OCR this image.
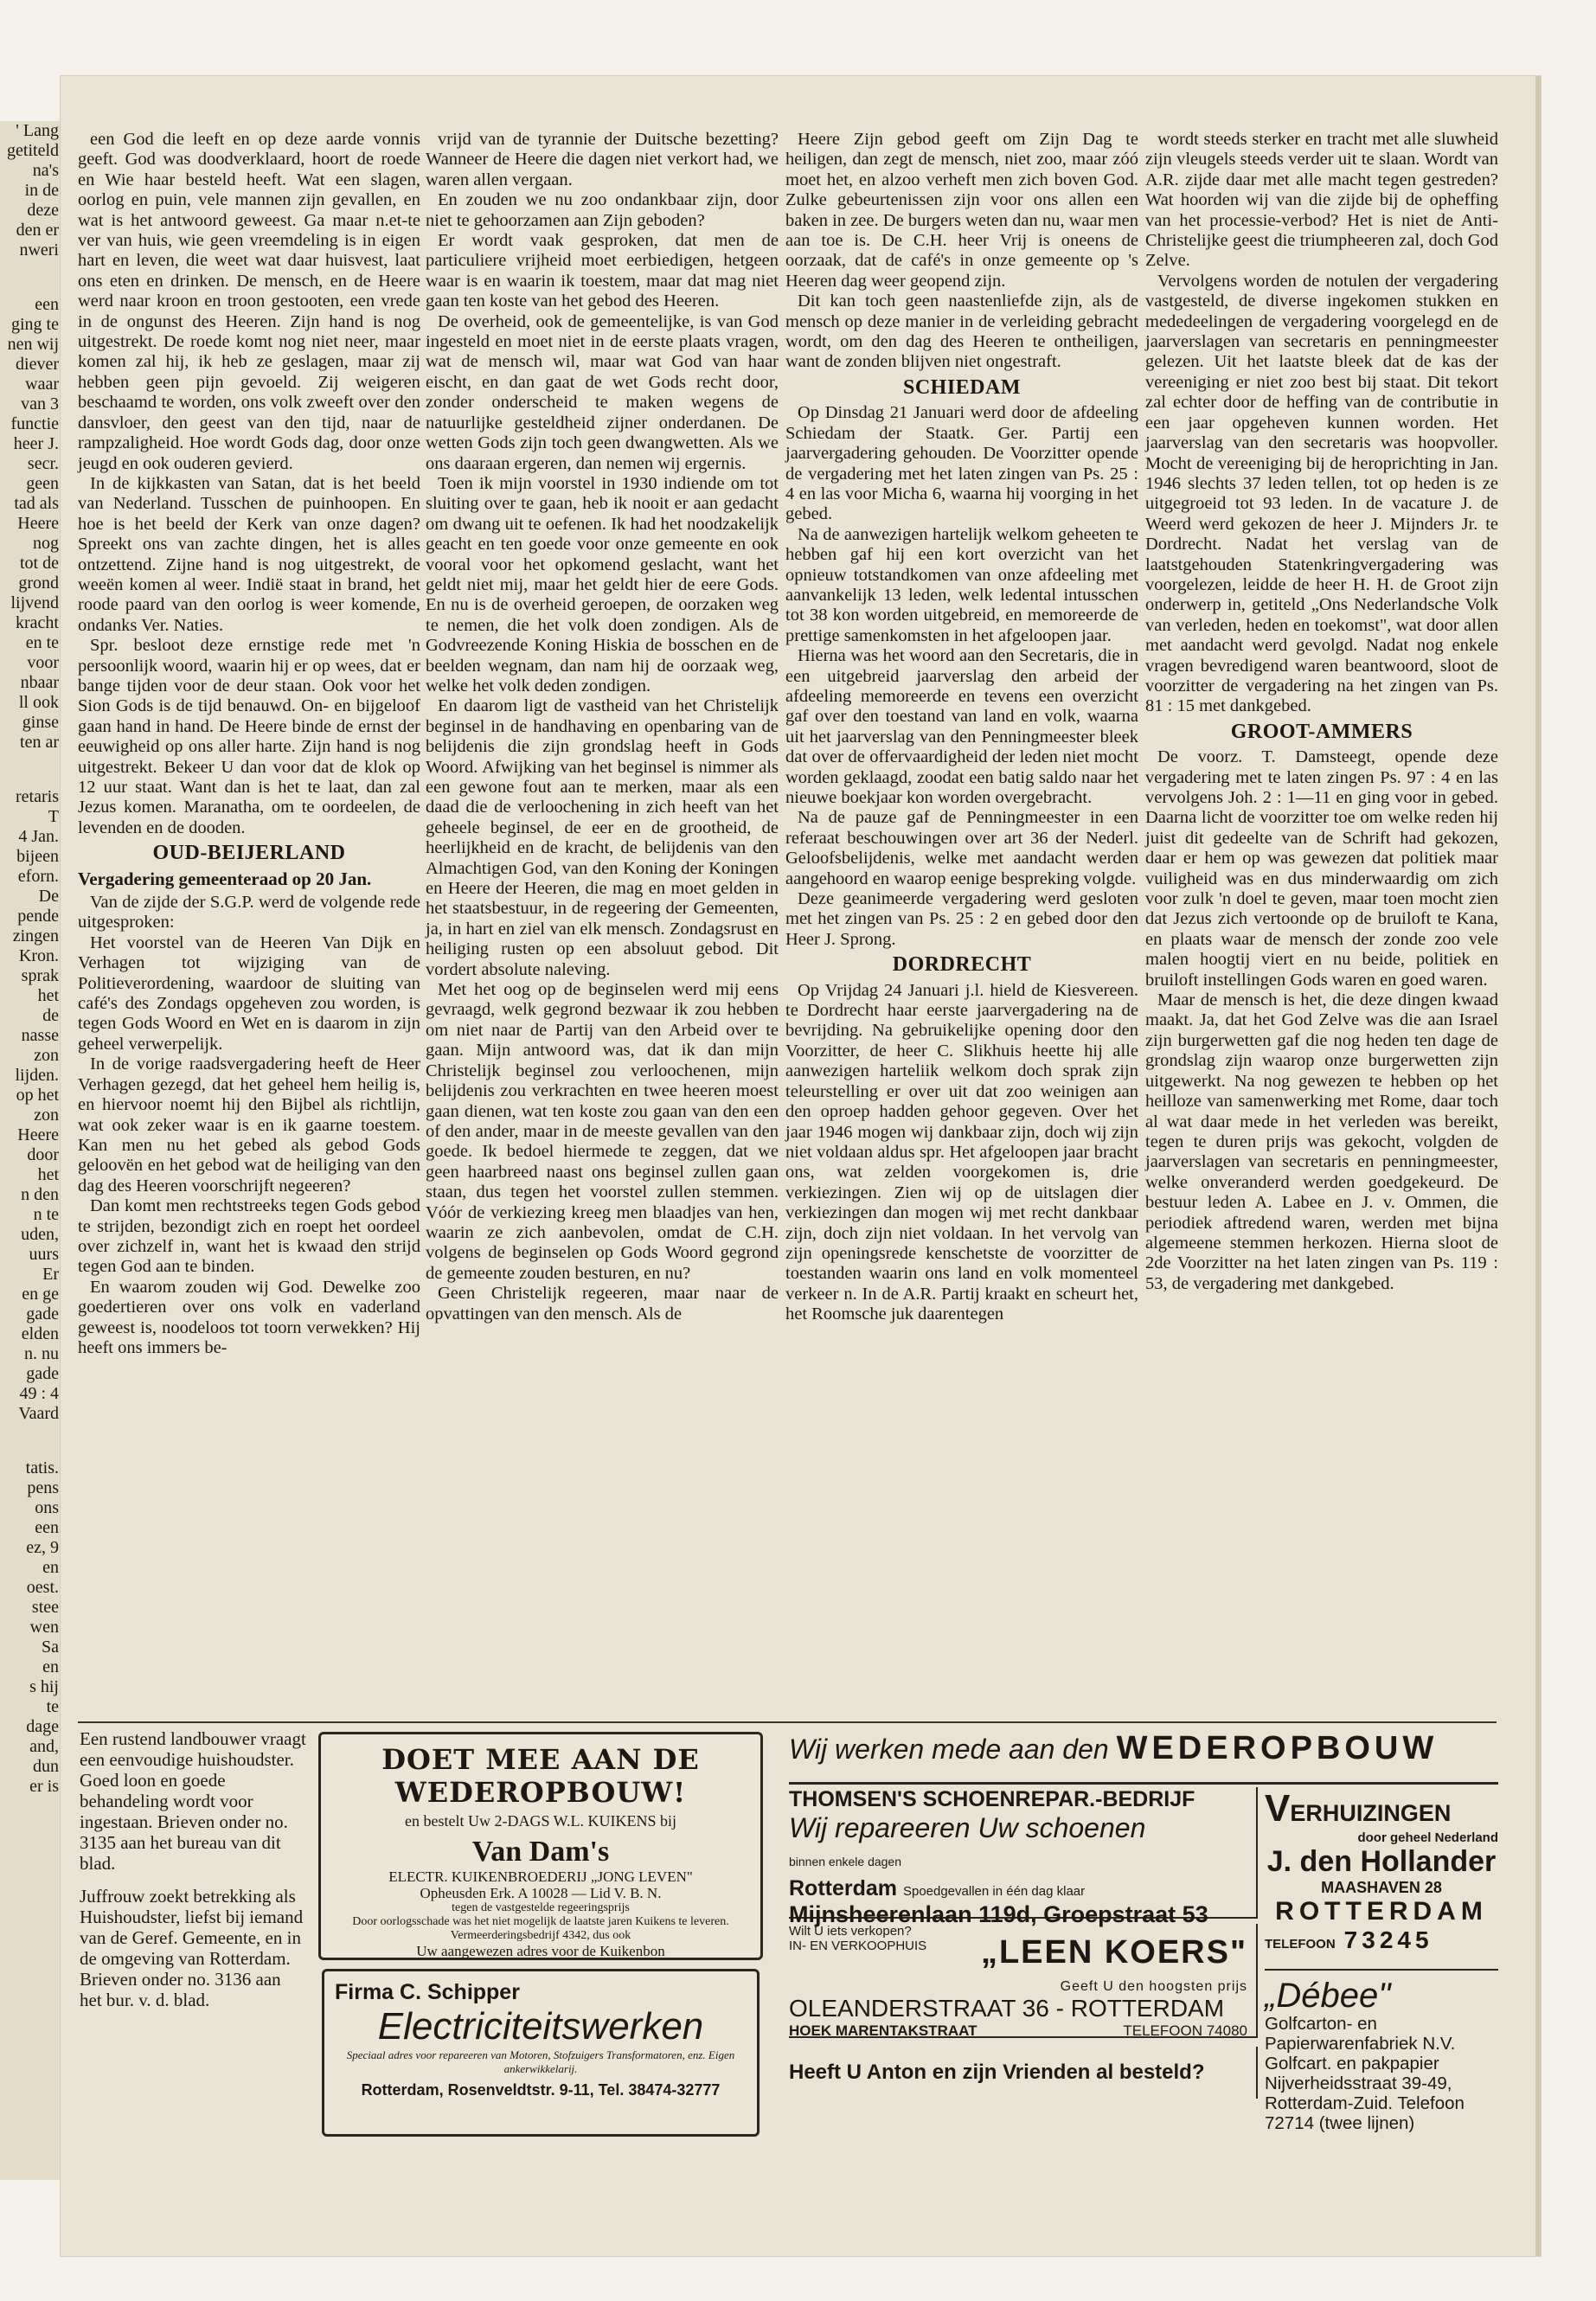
' Lang

getiteld

na's

in de

deze

den er

nweri

een

ging te

nen wij

diever

waar

van 3

functie

heer J.

secr.

geen

tad als

Heere

nog

tot de

grond

lijvend

kracht

en te

voor

nbaar

ll ook

ginse

ten ar

retaris

T

4 Jan.

bijeen

eforn.

De

pende

zingen

Kron.

sprak

het

de

nasse

zon

lijden.

op het

zon

Heere

door

het

n den

n te

uden,

uurs

Er

en ge

gade

elden

n. nu

gade

49 : 4

Vaard

tatis.

pens

ons

een

ez, 9

en

oest.

stee

wen

Sa

en

s hij

te

dage

and,

dun

er is

een God die leeft en op deze aarde vonnis geeft. God was doodverklaard, hoort de roede en Wie haar besteld heeft. Wat een slagen, oorlog en puin, vele mannen zijn gevallen, en wat is het antwoord geweest. Ga maar n.et-te ver van huis, wie geen vreemdeling is in eigen hart en leven, die weet wat daar huisvest, laat ons eten en drinken. De mensch, en de Heere werd naar kroon en troon gestooten, een vrede in de ongunst des Heeren. Zijn hand is nog uitgestrekt. De roede komt nog niet neer, maar komen zal hij, ik heb ze geslagen, maar zij hebben geen pijn gevoeld. Zij weigeren beschaamd te worden, ons volk zweeft over den dansvloer, den geest van den tijd, naar de rampzaligheid. Hoe wordt Gods dag, door onze jeugd en ook ouderen gevierd.

In de kijkkasten van Satan, dat is het beeld van Nederland. Tusschen de puinhoopen. En hoe is het beeld der Kerk van onze dagen? Spreekt ons van zachte dingen, het is alles ontzettend. Zijne hand is nog uitgestrekt, de weeën komen al weer. Indië staat in brand, het roode paard van den oorlog is weer komende, ondanks Ver. Naties.

Spr. besloot deze ernstige rede met 'n persoonlijk woord, waarin hij er op wees, dat er bange tijden voor de deur staan. Ook voor het Sion Gods is de tijd benauwd. On- en bijgeloof gaan hand in hand. De Heere binde de ernst der eeuwigheid op ons aller harte. Zijn hand is nog uitgestrekt. Bekeer U dan voor dat de klok op 12 uur staat. Want dan is het te laat, dan zal Jezus komen. Maranatha, om te oordeelen, de levenden en de dooden.

OUD-BEIJERLAND
Vergadering gemeenteraad op 20 Jan.

Van de zijde der S.G.P. werd de volgende rede uitgesproken:

Het voorstel van de Heeren Van Dijk en Verhagen tot wijziging van de Politieverordening, waardoor de sluiting van café's des Zondags opgeheven zou worden, is tegen Gods Woord en Wet en is daarom in zijn geheel verwerpelijk.

In de vorige raadsvergadering heeft de Heer Verhagen gezegd, dat het geheel hem heilig is, en hiervoor noemt hij den Bijbel als richtlijn, wat ook zeker waar is en ik gaarne toestem. Kan men nu het gebed als gebod Gods geloovën en het gebod wat de heiliging van den dag des Heeren voorschrijft negeeren?

Dan komt men rechtstreeks tegen Gods gebod te strijden, bezondigt zich en roept het oordeel over zichzelf in, want het is kwaad den strijd tegen God aan te binden.

En waarom zouden wij God. Dewelke zoo goedertieren over ons volk en vaderland geweest is, noodeloos tot toorn verwekken? Hij heeft ons immers be-

vrijd van de tyrannie der Duitsche bezetting? Wanneer de Heere die dagen niet verkort had, we waren allen vergaan.

En zouden we nu zoo ondankbaar zijn, door niet te gehoorzamen aan Zijn geboden?

Er wordt vaak gesproken, dat men de particuliere vrijheid moet eerbiedigen, hetgeen waar is en waarin ik toestem, maar dat mag niet gaan ten koste van het gebod des Heeren.

De overheid, ook de gemeentelijke, is van God ingesteld en moet niet in de eerste plaats vragen, wat de mensch wil, maar wat God van haar eischt, en dan gaat de wet Gods recht door, zonder onderscheid te maken wegens de natuurlijke gesteldheid zijner onderdanen. De wetten Gods zijn toch geen dwangwetten. Als we ons daaraan ergeren, dan nemen wij ergernis.

Toen ik mijn voorstel in 1930 indiende om tot sluiting over te gaan, heb ik nooit er aan gedacht om dwang uit te oefenen. Ik had het noodzakelijk geacht en ten goede voor onze gemeente en ook vooral voor het opkomend geslacht, want het geldt niet mij, maar het geldt hier de eere Gods. En nu is de overheid geroepen, de oorzaken weg te nemen, die het volk doen zondigen. Als de Godvreezende Koning Hiskia de bosschen en de beelden wegnam, dan nam hij de oorzaak weg, welke het volk deden zondigen.

En daarom ligt de vastheid van het Christelijk beginsel in de handhaving en openbaring van de belijdenis die zijn grondslag heeft in Gods Woord. Afwijking van het beginsel is nimmer als een gewone fout aan te merken, maar als een daad die de verloochening in zich heeft van het geheele beginsel, de eer en de grootheid, de heerlijkheid en de kracht, de belijdenis van den Almachtigen God, van den Koning der Koningen en Heere der Heeren, die mag en moet gelden in het staatsbestuur, in de regeering der Gemeenten, ja, in hart en ziel van elk mensch. Zondagsrust en heiliging rusten op een absoluut gebod. Dit vordert absolute naleving.

Met het oog op de beginselen werd mij eens gevraagd, welk gegrond bezwaar ik zou hebben om niet naar de Partij van den Arbeid over te gaan. Mijn antwoord was, dat ik dan mijn Christelijk beginsel zou verloochenen, mijn belijdenis zou verkrachten en twee heeren moest gaan dienen, wat ten koste zou gaan van den een of den ander, maar in de meeste gevallen van den goede. Ik bedoel hiermede te zeggen, dat we geen haarbreed naast ons beginsel zullen gaan staan, dus tegen het voorstel zullen stemmen. Vóór de verkiezing kreeg men blaadjes van hen, waarin ze zich aanbevolen, omdat de C.H. volgens de beginselen op Gods Woord gegrond de gemeente zouden besturen, en nu?

Geen Christelijk regeeren, maar naar de opvattingen van den mensch. Als de

Heere Zijn gebod geeft om Zijn Dag te heiligen, dan zegt de mensch, niet zoo, maar zóó moet het, en alzoo verheft men zich boven God. Zulke gebeurtenissen zijn voor ons allen een baken in zee. De burgers weten dan nu, waar men aan toe is. De C.H. heer Vrij is oneens de oorzaak, dat de café's in onze gemeente op 's Heeren dag weer geopend zijn.

Dit kan toch geen naastenliefde zijn, als de mensch op deze manier in de verleiding gebracht wordt, om den dag des Heeren te ontheiligen, want de zonden blijven niet ongestraft.

SCHIEDAM

Op Dinsdag 21 Januari werd door de afdeeling Schiedam der Staatk. Ger. Partij een jaarvergadering gehouden. De Voorzitter opende de vergadering met het laten zingen van Ps. 25 : 4 en las voor Micha 6, waarna hij voorging in het gebed.

Na de aanwezigen hartelijk welkom geheeten te hebben gaf hij een kort overzicht van het opnieuw totstandkomen van onze afdeeling met aanvankelijk 13 leden, welk ledental intusschen tot 38 kon worden uitgebreid, en memoreerde de prettige samenkomsten in het afgeloopen jaar.

Hierna was het woord aan den Secretaris, die in een uitgebreid jaarverslag den arbeid der afdeeling memoreerde en tevens een overzicht gaf over den toestand van land en volk, waarna uit het jaarverslag van den Penningmeester bleek dat over de offervaardigheid der leden niet mocht worden geklaagd, zoodat een batig saldo naar het nieuwe boekjaar kon worden overgebracht.

Na de pauze gaf de Penningmeester in een referaat beschouwingen over art 36 der Nederl. Geloofsbelijdenis, welke met aandacht werden aangehoord en waarop eenige bespreking volgde.

Deze geanimeerde vergadering werd gesloten met het zingen van Ps. 25 : 2 en gebed door den Heer J. Sprong.

DORDRECHT

Op Vrijdag 24 Januari j.l. hield de Kiesvereen. te Dordrecht haar eerste jaarvergadering na de bevrijding. Na gebruikelijke opening door den Voorzitter, de heer C. Slikhuis heette hij alle aanwezigen harteliik welkom doch sprak zijn teleurstelling er over uit dat zoo weinigen aan den oproep hadden gehoor gegeven. Over het jaar 1946 mogen wij dankbaar zijn, doch wij zijn niet voldaan aldus spr. Het afgeloopen jaar bracht ons, wat zelden voorgekomen is, drie verkiezingen. Zien wij op de uitslagen dier verkiezingen dan mogen wij met recht dankbaar zijn, doch zijn niet voldaan. In het vervolg van zijn openingsrede kenschetste de voorzitter de toestanden waarin ons land en volk momenteel verkeer n. In de A.R. Partij kraakt en scheurt het, het Roomsche juk daarentegen

wordt steeds sterker en tracht met alle sluwheid zijn vleugels steeds verder uit te slaan. Wordt van A.R. zijde daar met alle macht tegen gestreden? Wat hoorden wij van die zijde bij de opheffing van het processie-verbod? Het is niet de Anti-Christelijke geest die triumpheeren zal, doch God Zelve.

Vervolgens worden de notulen der vergadering vastgesteld, de diverse ingekomen stukken en mededeelingen de vergadering voorgelegd en de jaarverslagen van secretaris en penningmeester gelezen. Uit het laatste bleek dat de kas der vereeniging er niet zoo best bij staat. Dit tekort zal echter door de heffing van de contributie in een jaar opgeheven kunnen worden. Het jaarverslag van den secretaris was hoopvoller. Mocht de vereeniging bij de heroprichting in Jan. 1946 slechts 37 leden tellen, tot op heden is ze uitgegroeid tot 93 leden. In de vacature J. de Weerd werd gekozen de heer J. Mijnders Jr. te Dordrecht. Nadat het verslag van de laatstgehouden Statenkringvergadering was voorgelezen, leidde de heer H. H. de Groot zijn onderwerp in, getiteld „Ons Nederlandsche Volk van verleden, heden en toekomst", wat door allen met aandacht werd gevolgd. Nadat nog enkele vragen bevredigend waren beantwoord, sloot de voorzitter de vergadering na het zingen van Ps. 81 : 15 met dankgebed.

GROOT-AMMERS

De voorz. T. Damsteegt, opende deze vergadering met te laten zingen Ps. 97 : 4 en las vervolgens Joh. 2 : 1—11 en ging voor in gebed. Daarna licht de voorzitter toe om welke reden hij juist dit gedeelte van de Schrift had gekozen, daar er hem op was gewezen dat politiek maar vuiligheid was en dus minderwaardig om zich voor zulk 'n doel te geven, maar toen mocht zien dat Jezus zich vertoonde op de bruiloft te Kana, en plaats waar de mensch der zonde zoo vele malen hoogtij viert en nu beide, politiek en bruiloft instellingen Gods waren en goed waren.

Maar de mensch is het, die deze dingen kwaad maakt. Ja, dat het God Zelve was die aan Israel zijn burgerwetten gaf die nog heden ten dage de grondslag zijn waarop onze burgerwetten zijn uitgewerkt. Na nog gewezen te hebben op het heilloze van samenwerking met Rome, daar toch al wat daar mede in het verleden was bereikt, tegen te duren prijs was gekocht, volgden de jaarverslagen van secretaris en penningmeester, welke onveranderd werden goedgekeurd. De bestuur leden A. Labee en J. v. Ommen, die periodiek aftredend waren, werden met bijna algemeene stemmen herkozen. Hierna sloot de 2de Voorzitter na het laten zingen van Ps. 119 : 53, de vergadering met dankgebed.

Een rustend landbouwer vraagt een eenvoudige huishoudster. Goed loon en goede behandeling wordt voor ingestaan. Brieven onder no. 3135 aan het bureau van dit blad.

Juffrouw zoekt betrekking als Huishoudster, liefst bij iemand van de Geref. Gemeente, en in de omgeving van Rotterdam. Brieven onder no. 3136 aan het bur. v. d. blad.

DOET MEE AAN DE WEDEROPBOUW!
en bestelt Uw 2-DAGS W.L. KUIKENS bij
Van Dam's
ELECTR. KUIKENBROEDERIJ „JONG LEVEN"
Opheusden Erk. A 10028 — Lid V. B. N.
tegen de vastgestelde regeeringsprijs
Door oorlogsschade was het niet mogelijk de laatste jaren Kuikens te leveren. Vermeerderingsbedrijf 4342, dus ook
Uw aangewezen adres voor de Kuikenbon
Firma C. Schipper
Electriciteitswerken
Speciaal adres voor repareeren van Motoren, Stofzuigers Transformatoren, enz. Eigen ankerwikkelarij.
Rotterdam, Rosenveldtstr. 9-11, Tel. 38474-32777
Wij werken mede aan den WEDEROPBOUW
THOMSEN'S SCHOENREPAR.-BEDRIJF
Wij repareeren Uw schoenen binnen enkele dagen
Rotterdam Spoedgevallen in één dag klaar
Mijnsheerenlaan 119d, Groepstraat 53
Wilt U iets verkopen?
IN- EN VERKOOPHUIS	„LEEN KOERS"
Geeft U den hoogsten prijs
OLEANDERSTRAAT 36 - ROTTERDAM
TELEFOON 74080
HOEK MARENTAKSTRAAT
Heeft U Anton en zijn Vrienden al besteld?
VERHUIZINGEN
door geheel Nederland
J. den Hollander
MAASHAVEN 28
ROTTERDAM
TELEFOON 73245
„Débee"

Golfcarton- en Papierwarenfabriek N.V.

Golfcart. en pakpapier

Nijverheidsstraat 39-49,

Rotterdam-Zuid. Telefoon 72714 (twee lijnen)
